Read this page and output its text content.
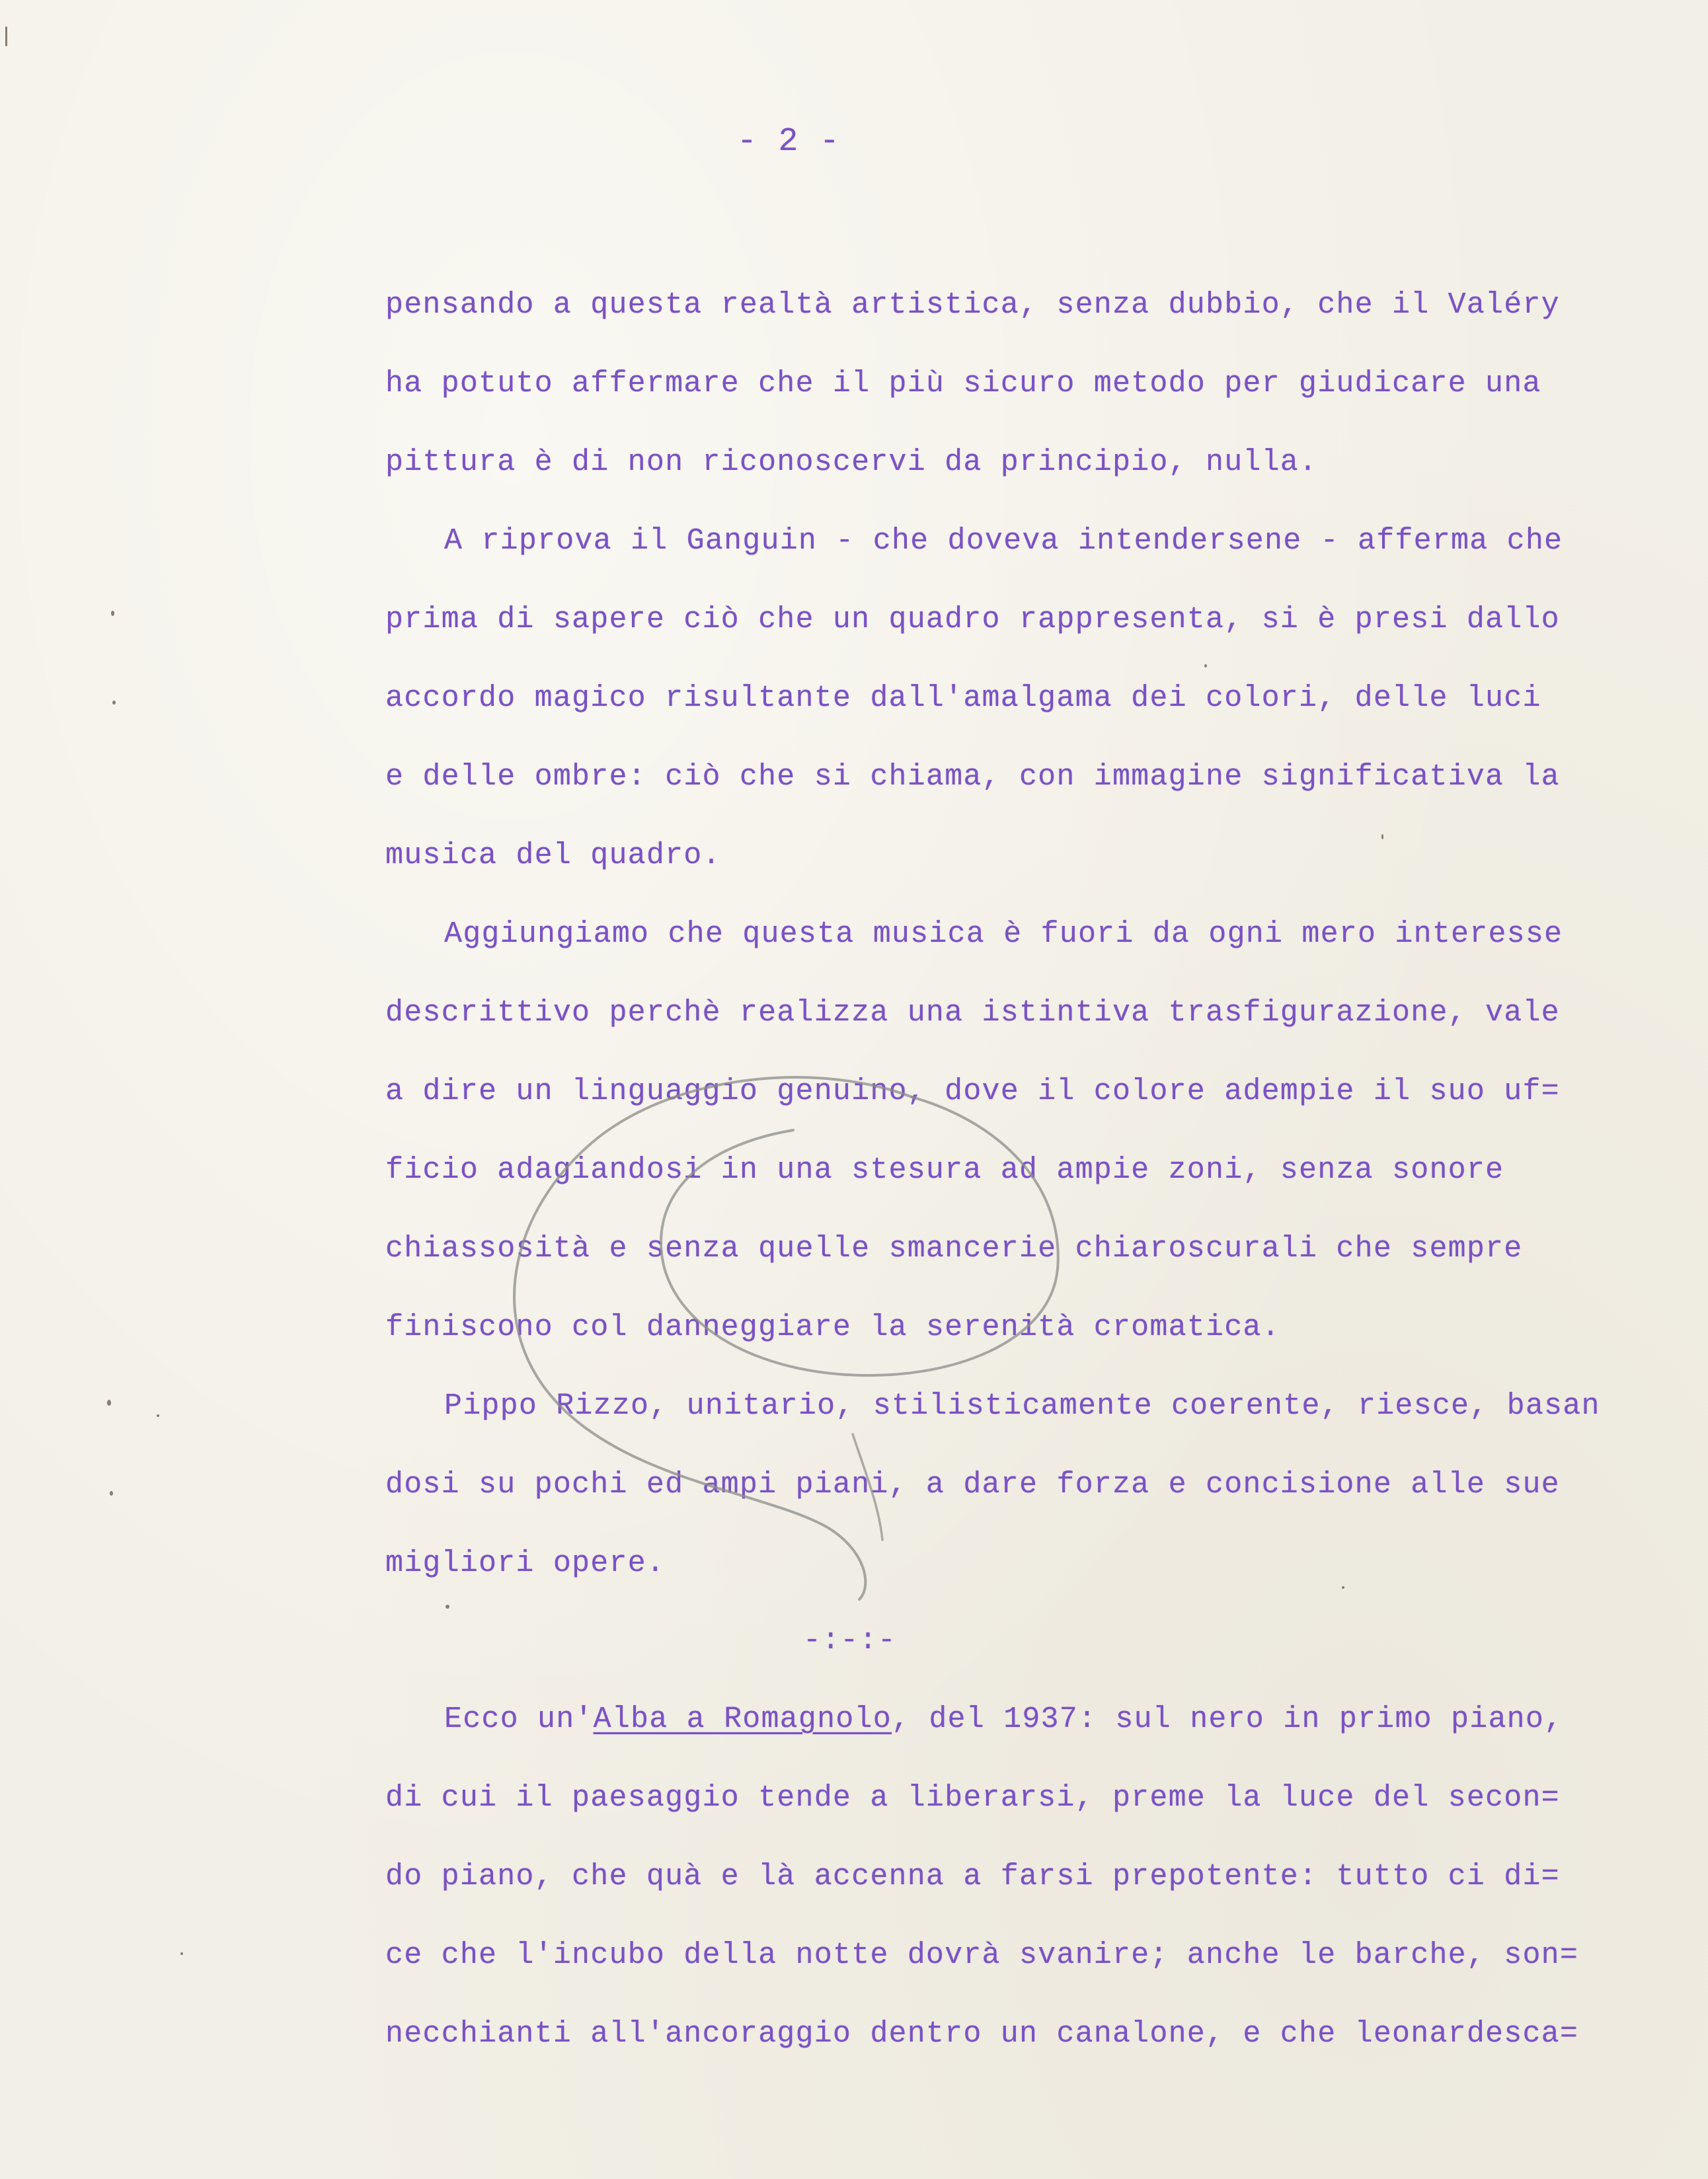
- 2 -
pensando a questa realtà artistica, senza dubbio, che il Valéry
ha potuto affermare che il più sicuro metodo per giudicare una
pittura è di non riconoscervi da principio, nulla.
A riprova il Ganguin - che doveva intendersene - afferma che
prima di sapere ciò che un quadro rappresenta, si è presi dallo
accordo magico risultante dall'amalgama dei colori, delle luci
e delle ombre: ciò che si chiama, con immagine significativa la
musica del quadro.
Aggiungiamo che questa musica è fuori da ogni mero interesse
descrittivo perchè realizza una istintiva trasfigurazione, vale
a dire un linguaggio genuino, dove il colore adempie il suo uf=
ficio adagiandosi in una stesura ad ampie zoni, senza sonore
chiassosità e senza quelle smancerie chiaroscurali che sempre
finiscono col danneggiare la serenità cromatica.
Pippo Rizzo, unitario, stilisticamente coerente, riesce, basan
dosi su pochi ed ampi piani, a dare forza e concisione alle sue
migliori opere.
-:-:-
Ecco un'Alba a Romagnolo, del 1937: sul nero in primo piano,
di cui il paesaggio tende a liberarsi, preme la luce del secon=
do piano, che quà e là accenna a farsi prepotente: tutto ci di=
ce che l'incubo della notte dovrà svanire; anche le barche, son=
necchianti all'ancoraggio dentro un canalone, e che leonardesca=
